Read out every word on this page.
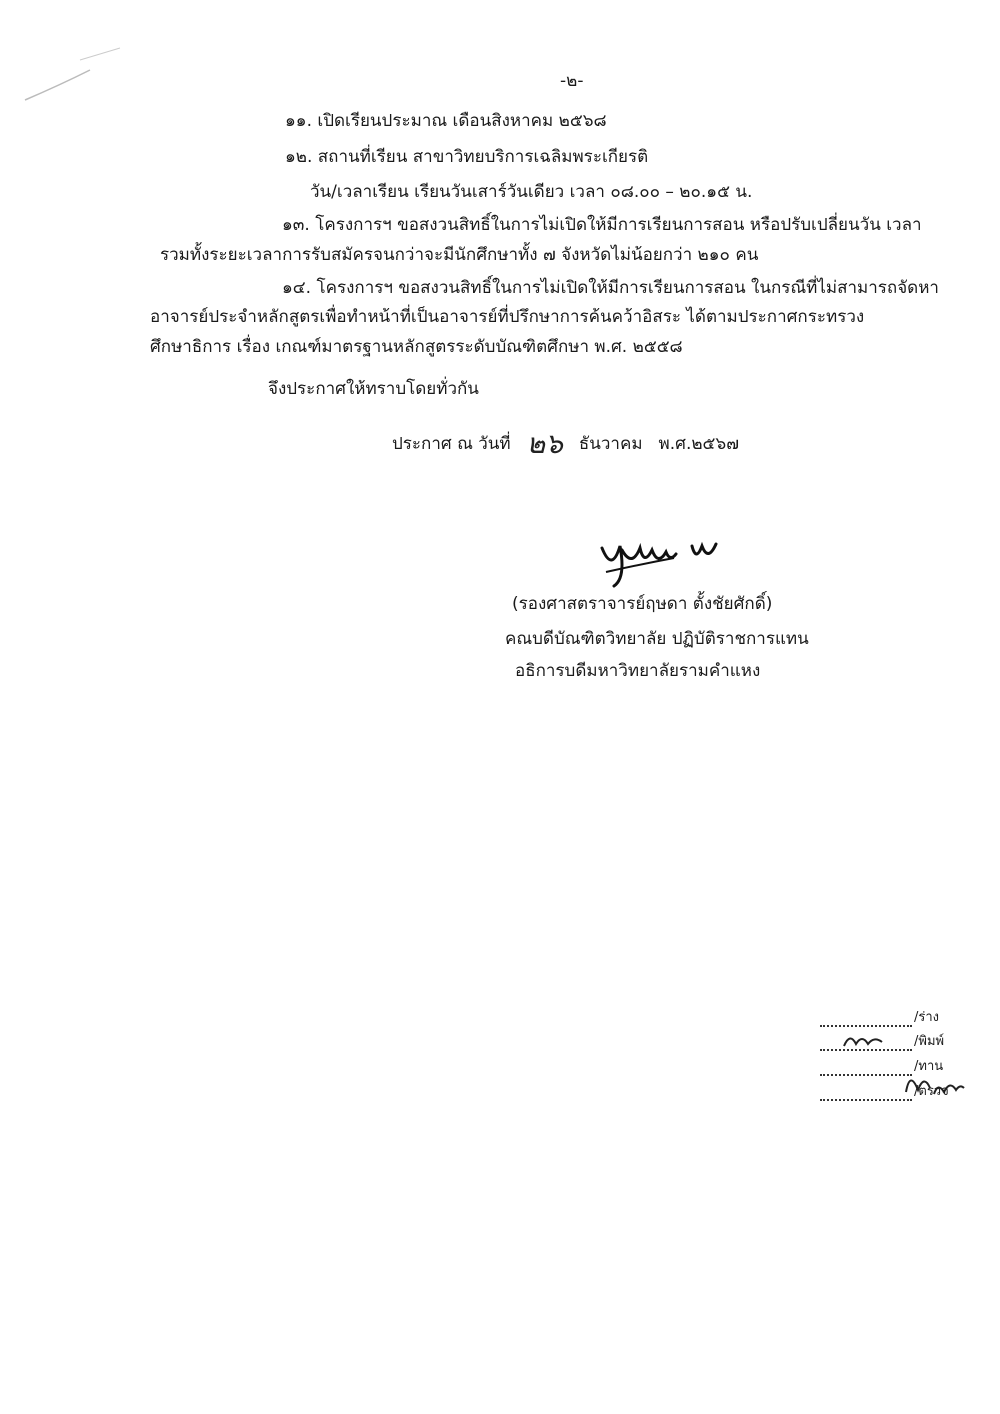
-๒-
๑๑. เปิดเรียนประมาณ เดือนสิงหาคม ๒๕๖๘
๑๒. สถานที่เรียน สาขาวิทยบริการเฉลิมพระเกียรติ
วัน/เวลาเรียน เรียนวันเสาร์วันเดียว เวลา ๐๘.๐๐ – ๒๐.๑๕ น.
๑๓. โครงการฯ ขอสงวนสิทธิ์ในการไม่เปิดให้มีการเรียนการสอน หรือปรับเปลี่ยนวัน เวลา
รวมทั้งระยะเวลาการรับสมัครจนกว่าจะมีนักศึกษาทั้ง ๗ จังหวัดไม่น้อยกว่า ๒๑๐ คน
๑๔. โครงการฯ ขอสงวนสิทธิ์ในการไม่เปิดให้มีการเรียนการสอน ในกรณีที่ไม่สามารถจัดหา
อาจารย์ประจำหลักสูตรเพื่อทำหน้าที่เป็นอาจารย์ที่ปรึกษาการค้นคว้าอิสระ ได้ตามประกาศกระทรวง
ศึกษาธิการ เรื่อง เกณฑ์มาตรฐานหลักสูตรระดับบัณฑิตศึกษา พ.ศ. ๒๕๕๘
จึงประกาศให้ทราบโดยทั่วกัน
ประกาศ ณ วันที่ ๒๖ ธันวาคม พ.ศ.๒๕๖๗
(รองศาสตราจารย์ฤษดา ตั้งชัยศักดิ์)
คณบดีบัณฑิตวิทยาลัย ปฏิบัติราชการแทน
อธิการบดีมหาวิทยาลัยรามคำแหง
/ร่าง
/พิมพ์
/ทาน
/ตรวจ
